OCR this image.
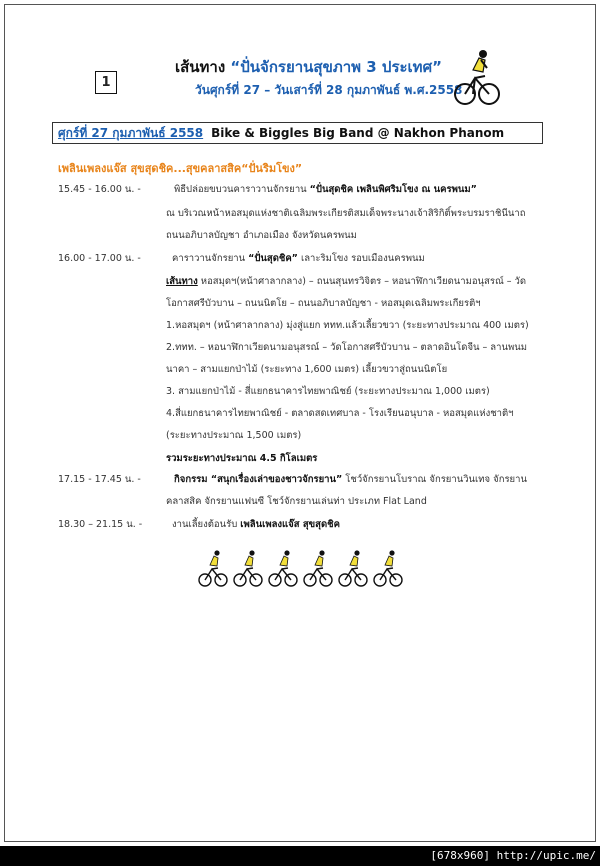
1
เส้นทาง “ปั่นจักรยานสุขภาพ 3 ประเทศ”
วันศุกร์ที่ 27 – วันเสาร์ที่ 28 กุมภาพันธ์ พ.ศ.2558
ศุกร์ที่ 27 กุมภาพันธ์ 2558 Bike & Biggles Big Band @ Nakhon Phanom
เพลินเพลงแจ๊ส สุขสุดชิค...สุขคลาสสิค“ปั่นริมโขง”
15.45 - 16.00 น. -	พิธีปล่อยขบวนคาราวานจักรยาน “ปั่นสุดชิค เพลินพิศริมโขง ณ นครพนม”
ณ บริเวณหน้าหอสมุดแห่งชาติเฉลิมพระเกียรติสมเด็จพระนางเจ้าสิริกิติ์พระบรมราชินีนาถ
ถนนอภิบาลบัญชา อำเภอเมือง จังหวัดนครพนม
16.00 - 17.00 น. -	คาราวานจักรยาน “ปั่นสุดชิค” เลาะริมโขง รอบเมืองนครพนม
เส้นทาง หอสมุดฯ(หน้าศาลากลาง) – ถนนสุนทรวิจิตร – หอนาฬิกาเวียดนามอนุสรณ์ – วัด
โอกาสศรีบัวบาน – ถนนนิตโย – ถนนอภิบาลบัญชา - หอสมุดเฉลิมพระเกียรติฯ
1.หอสมุดฯ (หน้าศาลากลาง) มุ่งสู่แยก ททท.แล้วเลี้ยวขวา (ระยะทางประมาณ 400 เมตร)
2.ททท. – หอนาฬิกาเวียดนามอนุสรณ์ – วัดโอกาสศรีบัวบาน – ตลาดอินโดจีน – ลานพนม
นาคา – สามแยกป่าไม้ (ระยะทาง 1,600 เมตร) เลี้ยวขวาสู่ถนนนิตโย
3. สามแยกป่าไม้ - สี่แยกธนาคารไทยพาณิชย์ (ระยะทางประมาณ 1,000 เมตร)
4.สี่แยกธนาคารไทยพาณิชย์ - ตลาดสดเทศบาล - โรงเรียนอนุบาล - หอสมุดแห่งชาติฯ
(ระยะทางประมาณ 1,500 เมตร)
รวมระยะทางประมาณ 4.5 กิโลเมตร
17.15 - 17.45 น. -	กิจกรรม “สนุกเรื่องเล่าของชาวจักรยาน” โชว์จักรยานโบราณ จักรยานวินเทจ จักรยาน
คลาสสิค จักรยานแฟนซี โชว์จักรยานเล่นท่า ประเภท Flat Land
18.30 – 21.15 น. -	งานเลี้ยงต้อนรับ เพลินเพลงแจ๊ส สุขสุดชิค
[678x960] http://upic.me/
